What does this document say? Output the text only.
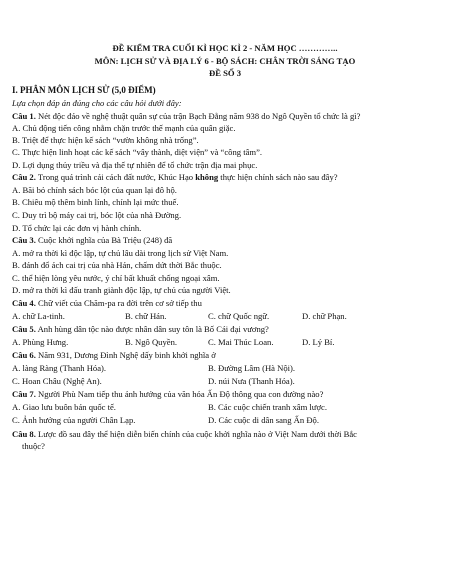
ĐỀ KIỂM TRA CUỐI KÌ HỌC KÌ 2 - NĂM HỌC …………..
MÔN: LỊCH SỬ VÀ ĐỊA LÝ 6 - BỘ SÁCH: CHÂN TRỜI SÁNG TẠO
ĐỀ SỐ 3
I. PHÂN MÔN LỊCH SỬ (5,0 ĐIỂM)
Lựa chọn đáp án đúng cho các câu hỏi dưới đây:
Câu 1. Nét độc đáo về nghệ thuật quân sự của trận Bạch Đằng năm 938 do Ngô Quyền tổ chức là gì?
A. Chủ động tiến công nhằm chặn trước thế mạnh của quân giặc.
B. Triệt để thực hiện kế sách “vườn không nhà trống”.
C. Thực hiện linh hoạt các kế sách “vây thành, diệt viện” và “công tâm”.
D. Lợi dụng thủy triều và địa thế tự nhiên để tổ chức trận địa mai phục.
Câu 2. Trong quá trình cải cách đất nước, Khúc Hạo không thực hiện chính sách nào sau đây?
A. Bãi bỏ chính sách bóc lột của quan lại đô hộ.
B. Chiêu mộ thêm binh lính, chính lại mức thuế.
C. Duy trì bộ máy cai trị, bóc lột của nhà Đường.
D. Tổ chức lại các đơn vị hành chính.
Câu 3. Cuộc khởi nghĩa của Bà Triệu (248) đã
A. mở ra thời kì độc lập, tự chủ lâu dài trong lịch sử Việt Nam.
B. đánh đổ ách cai trị của nhà Hán, chấm dứt thời Bắc thuộc.
C. thể hiện lòng yêu nước, ý chí bất khuất chống ngoại xâm.
D. mở ra thời kì đấu tranh giành độc lập, tự chủ của người Việt.
Câu 4. Chữ viết của Chăm-pa ra đời trên cơ sở tiếp thu
A. chữ La-tinh.	B. chữ Hán.	C. chữ Quốc ngữ.	D. chữ Phạn.
Câu 5. Anh hùng dân tộc nào được nhân dân suy tôn là Bố Cái đại vương?
A. Phùng Hưng.	B. Ngô Quyền.	C. Mai Thúc Loan.	D. Lý Bí.
Câu 6. Năm 931, Dương Đình Nghệ dấy binh khởi nghĩa ở
A. làng Ràng (Thanh Hóa).	B. Đường Lâm (Hà Nội).
C. Hoan Châu (Nghệ An).	D. núi Nưa (Thanh Hóa).
Câu 7. Người Phù Nam tiếp thu ảnh hưởng của văn hóa Ấn Độ thông qua con đường nào?
A. Giao lưu buôn bán quốc tế.	B. Các cuộc chiến tranh xâm lược.
C. Ảnh hưởng của người Chân Lạp.	D. Các cuộc di dân sang Ấn Độ.
Câu 8. Lược đồ sau đây thể hiện diễn biến chính của cuộc khởi nghĩa nào ở Việt Nam dưới thời Bắc
thuộc?
